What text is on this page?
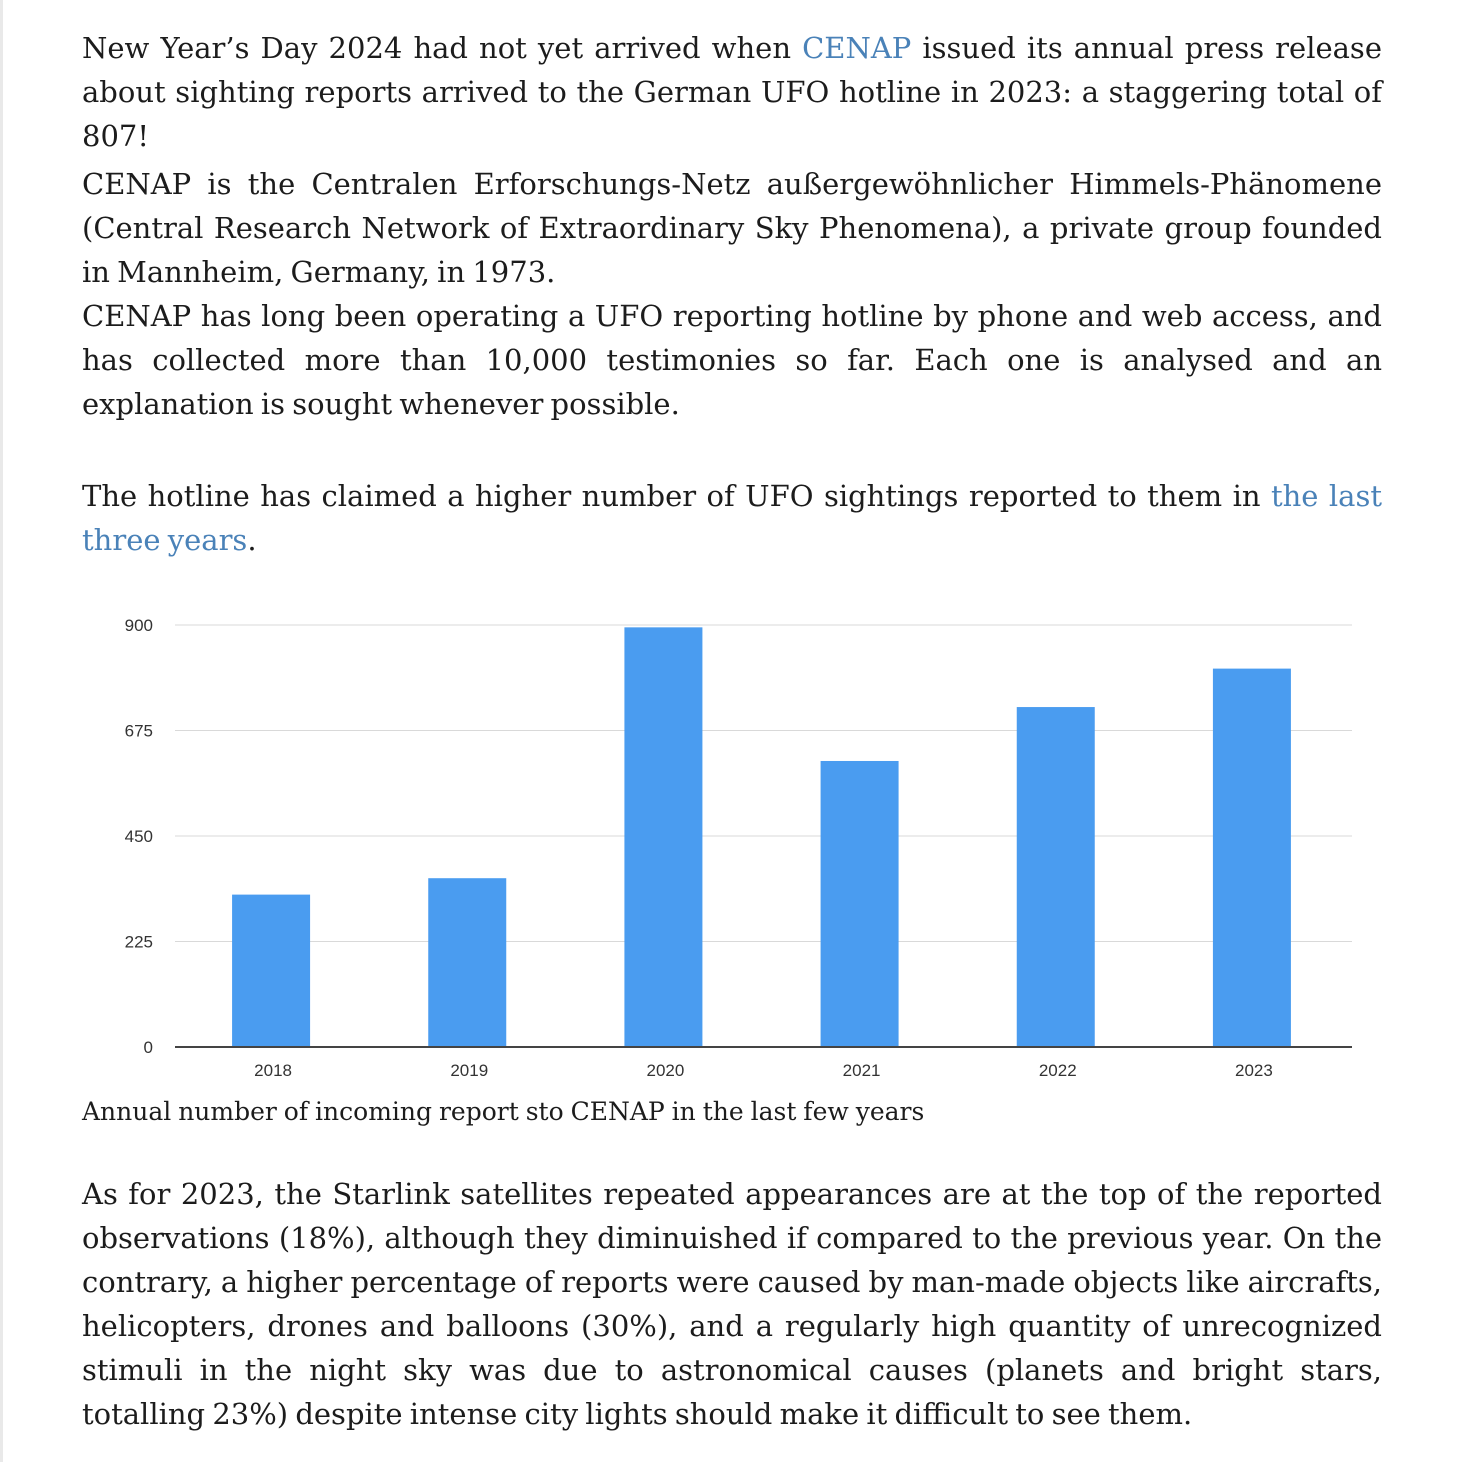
New Year’s Day 2024 had not yet arrived when CENAP issued its annual press release about sighting reports arrived to the German UFO hotline in 2023: a staggering total of 807!

CENAP is the Centralen Erforschungs-Netz außergewöhnlicher Himmels-Phänomene (Central Research Network of Extraordinary Sky Phenomena), a private group founded in Mannheim, Germany, in 1973.
CENAP has long been operating a UFO reporting hotline by phone and web access, and has collected more than 10,000 testimonies so far. Each one is analysed and an explanation is sought whenever possible.

The hotline has claimed a higher number of UFO sightings reported to them in the last three years.

0
225
450
675
900
2018	2019	2020	2021	2022	2023
Annual number of incoming report sto CENAP in the last few years

As for 2023, the Starlink satellites repeated appearances are at the top of the reported observations (18%), although they diminuished if compared to the previous year. On the contrary, a higher percentage of reports were caused by man-made objects like aircrafts, helicopters, drones and balloons (30%), and a regularly high quantity of unrecognized stimuli in the night sky was due to astronomical causes (planets and bright stars, totalling 23%) despite intense city lights should make it difficult to see them.
